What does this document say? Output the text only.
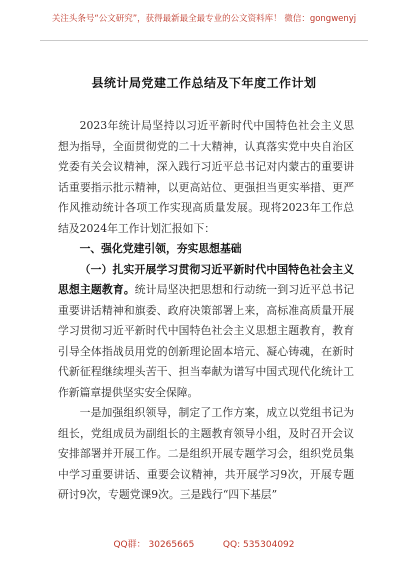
关注头条号“公文研究”，获得最新最全最专业的公文资料库！ 微信：gongwenyj
县统计局党建工作总结及下年度工作计划

2023年统计局坚持以习近平新时代中国特色社会主义思想为指导，全面贯彻党的二十大精神，认真落实党中央自治区党委有关会议精神，深入践行习近平总书记对内蒙古的重要讲话重要指示批示精神，以更高站位、更强担当更实举措、更严作风推动统计各项工作实现高质量发展。现将2023年工作总结及2024年工作计划汇报如下：

一、强化党建引领，夯实思想基础

（一）扎实开展学习贯彻习近平新时代中国特色社会主义思想主题教育。统计局坚决把思想和行动统一到习近平总书记重要讲话精神和旗委、政府决策部署上来，高标准高质量开展学习贯彻习近平新时代中国特色社会主义思想主题教育，教育引导全体指战员用党的创新理论固本培元、凝心铸魂，在新时代新征程继续埋头苦干、担当奉献为谱写中国式现代化统计工作新篇章提供坚实安全保障。

一是加强组织领导，制定了工作方案，成立以党组书记为组长，党组成员为副组长的主题教育领导小组，及时召开会议安排部署并开展工作。二是组织开展专题学习会，组织党员集中学习重要讲话、重要会议精神，共开展学习9次，开展专题研讨9次，专题党课9次。三是践行“四下基层”

QQ群： 30265665          QQ: 535304092
